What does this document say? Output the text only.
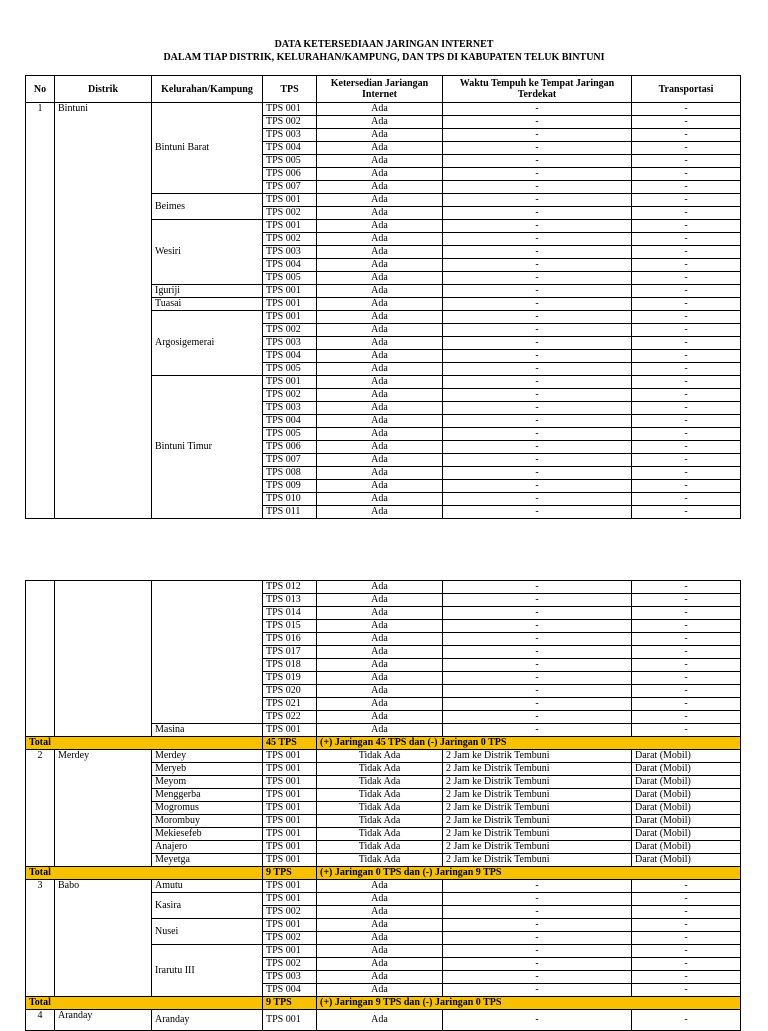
DATA KETERSEDIAAN JARINGAN INTERNET
DALAM TIAP DISTRIK, KELURAHAN/KAMPUNG, DAN TPS DI KABUPATEN TELUK BINTUNI
No	Distrik	Kelurahan/Kampung	TPS	Ketersedian Jariangan Internet	Waktu Tempuh ke Tempat Jaringan Terdekat	Transportasi
1	Bintuni	Bintuni Barat	TPS 001	Ada	-	-
			TPS 002	Ada	-	-
			TPS 003	Ada	-	-
			TPS 004	Ada	-	-
			TPS 005	Ada	-	-
			TPS 006	Ada	-	-
			TPS 007	Ada	-	-
		Beimes	TPS 001	Ada	-	-
			TPS 002	Ada	-	-
		Wesiri	TPS 001	Ada	-	-
			TPS 002	Ada	-	-
			TPS 003	Ada	-	-
			TPS 004	Ada	-	-
			TPS 005	Ada	-	-
		Iguriji	TPS 001	Ada	-	-
		Tuasai	TPS 001	Ada	-	-
		Argosigemerai	TPS 001	Ada	-	-
			TPS 002	Ada	-	-
			TPS 003	Ada	-	-
			TPS 004	Ada	-	-
			TPS 005	Ada	-	-
		Bintuni Timur	TPS 001	Ada	-	-
			TPS 002	Ada	-	-
			TPS 003	Ada	-	-
			TPS 004	Ada	-	-
			TPS 005	Ada	-	-
			TPS 006	Ada	-	-
			TPS 007	Ada	-	-
			TPS 008	Ada	-	-
			TPS 009	Ada	-	-
			TPS 010	Ada	-	-
			TPS 011	Ada	-	-
			TPS 012	Ada	-	-
			TPS 013	Ada	-	-
			TPS 014	Ada	-	-
			TPS 015	Ada	-	-
			TPS 016	Ada	-	-
			TPS 017	Ada	-	-
			TPS 018	Ada	-	-
			TPS 019	Ada	-	-
			TPS 020	Ada	-	-
			TPS 021	Ada	-	-
			TPS 022	Ada	-	-
		Masina	TPS 001	Ada	-	-
Total			45 TPS	(+) Jaringan 45 TPS dan (-) Jaringan 0 TPS		
2	Merdey	Merdey	TPS 001	Tidak Ada	2 Jam ke Distrik Tembuni	Darat (Mobil)
		Meryeb	TPS 001	Tidak Ada	2 Jam ke Distrik Tembuni	Darat (Mobil)
		Meyom	TPS 001	Tidak Ada	2 Jam ke Distrik Tembuni	Darat (Mobil)
		Menggerba	TPS 001	Tidak Ada	2 Jam ke Distrik Tembuni	Darat (Mobil)
		Mogromus	TPS 001	Tidak Ada	2 Jam ke Distrik Tembuni	Darat (Mobil)
		Morombuy	TPS 001	Tidak Ada	2 Jam ke Distrik Tembuni	Darat (Mobil)
		Mekiesefeb	TPS 001	Tidak Ada	2 Jam ke Distrik Tembuni	Darat (Mobil)
		Anajero	TPS 001	Tidak Ada	2 Jam ke Distrik Tembuni	Darat (Mobil)
		Meyetga	TPS 001	Tidak Ada	2 Jam ke Distrik Tembuni	Darat (Mobil)
Total			9 TPS	(+) Jaringan 0 TPS dan (-) Jaringan 9 TPS		
3	Babo	Amutu	TPS 001	Ada	-	-
		Kasira	TPS 001	Ada	-	-
			TPS 002	Ada	-	-
		Nusei	TPS 001	Ada	-	-
			TPS 002	Ada	-	-
		Irarutu III	TPS 001	Ada	-	-
			TPS 002	Ada	-	-
			TPS 003	Ada	-	-
			TPS 004	Ada	-	-
Total			9 TPS	(+) Jaringan 9 TPS dan (-) Jaringan 0 TPS		
4	Aranday	Aranday	TPS 001	Ada	-	-
